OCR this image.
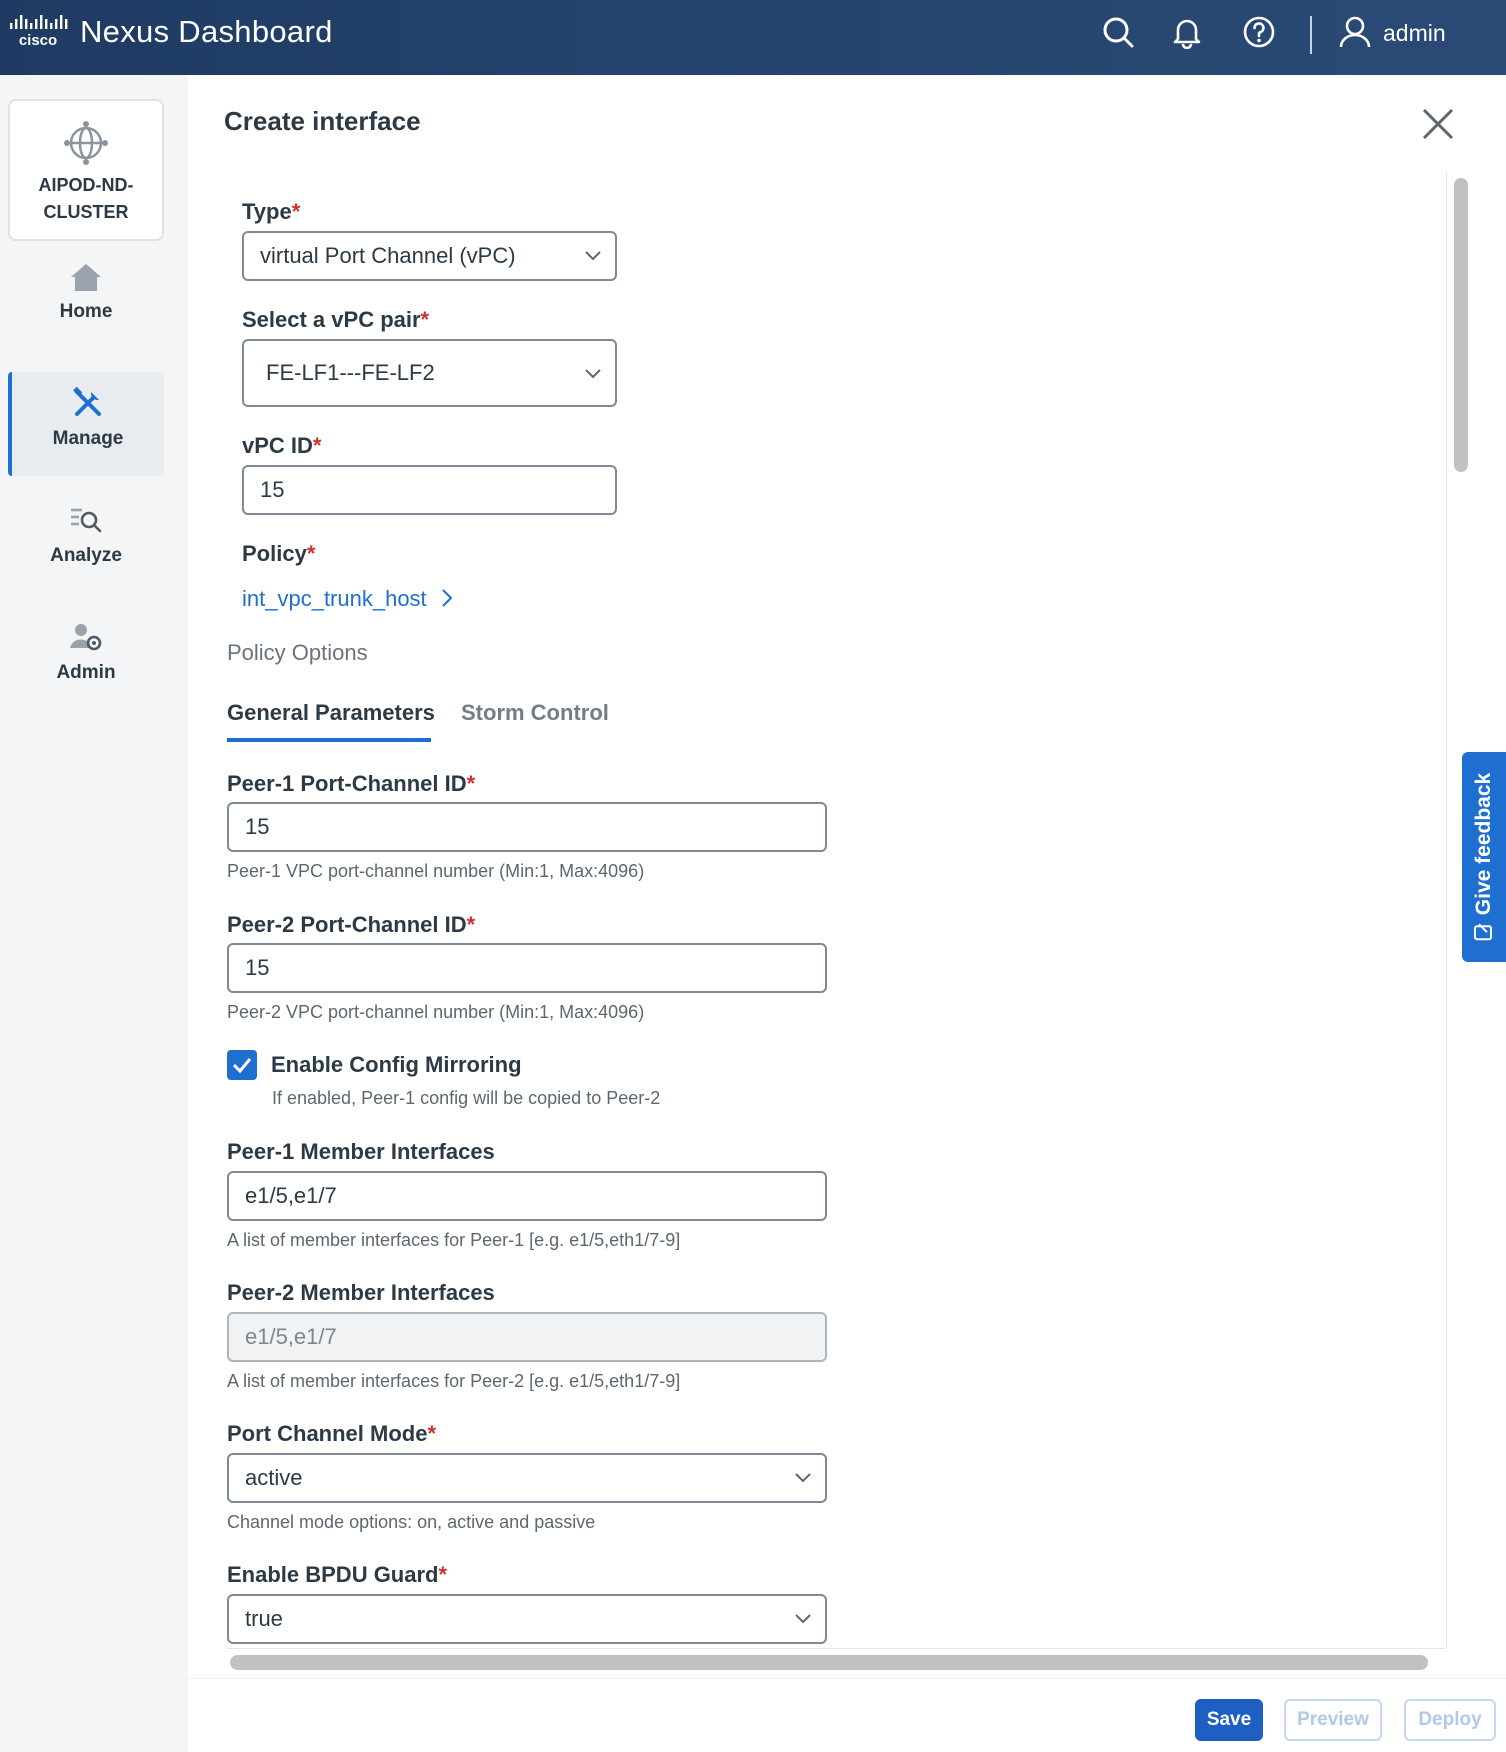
cisco Nexus Dashboard	admin
AIPOD-ND-CLUSTER
Home
Manage
Analyze
Admin
Create interface
Type*
virtual Port Channel (vPC)
Select a vPC pair*
FE-LF1---FE-LF2
vPC ID*
15
Policy*
int_vpc_trunk_host
Policy Options
General Parameters Storm Control
Peer-1 Port-Channel ID*
15
Peer-1 VPC port-channel number (Min:1, Max:4096)
Peer-2 Port-Channel ID*
15
Peer-2 VPC port-channel number (Min:1, Max:4096)
Enable Config Mirroring
If enabled, Peer-1 config will be copied to Peer-2
Peer-1 Member Interfaces
e1/5,e1/7
A list of member interfaces for Peer-1 [e.g. e1/5,eth1/7-9]
Peer-2 Member Interfaces
e1/5,e1/7
A list of member interfaces for Peer-2 [e.g. e1/5,eth1/7-9]
Port Channel Mode*
active
Channel mode options: on, active and passive
Enable BPDU Guard*
true
Give feedback
Save	Preview	Deploy
